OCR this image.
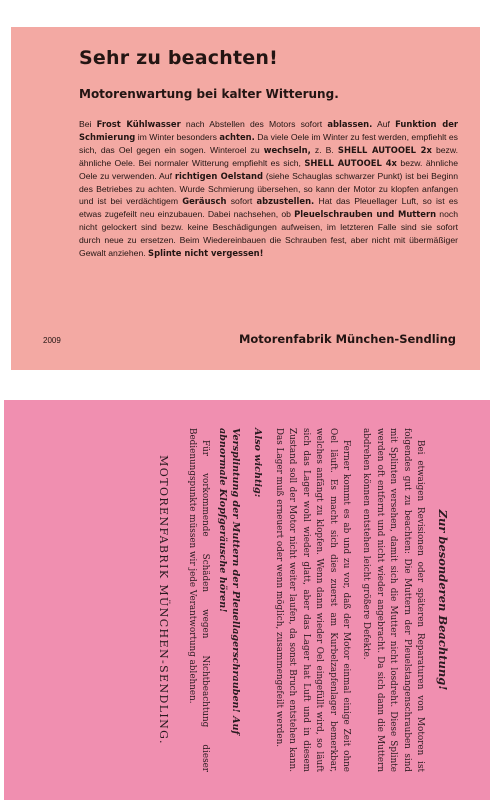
Sehr zu beachten!
Motorenwartung bei kalter Witterung.
Bei Frost Kühlwasser nach Abstellen des Motors sofort ablassen. Auf Funktion der Schmierung im Winter besonders achten. Da viele Oele im Winter zu fest werden, empfiehlt es sich, das Oel gegen ein sogen. Winteroel zu wechseln, z. B. SHELL AUTOOEL 2x bezw. ähnliche Oele. Bei normaler Witterung empfiehlt es sich, SHELL AUTOOEL 4x bezw. ähnliche Oele zu verwenden. Auf richtigen Oelstand (siehe Schauglas schwarzer Punkt) ist bei Beginn des Betriebes zu achten. Wurde Schmierung übersehen, so kann der Motor zu klopfen anfangen und ist bei verdächtigem Geräusch sofort abzustellen. Hat das Pleuellager Luft, so ist es etwas zugefeilt neu einzubauen. Dabei nachsehen, ob Pleuelschrauben und Muttern noch nicht gelockert sind bezw. keine Beschädigungen aufweisen, im letzteren Falle sind sie sofort durch neue zu ersetzen. Beim Wiedereinbauen die Schrauben fest, aber nicht mit übermäßiger Gewalt anziehen. Splinte nicht vergessen!
2009	Motorenfabrik München-Sendling
Zur besonderen Beachtung!

Bei etwaigen Revisionen oder späteren Reparaturen von Motoren ist folgendes gut zu beachten: Die Muttern der Pleuelstangenschrauben sind mit Splinten versehen, damit sich die Mutter nicht losdreht. Diese Splinte werden oft entfernt und nicht wieder angebracht. Da sich dann die Muttern abdrehen können entstehen leicht größere Defekte.

Ferner kommt es ab und zu vor, daß der Motor einmal einige Zeit ohne Oel läuft. Es macht sich dies zuerst am Kurbelzapfenlager bemerkbar, welches anfängt zu klopfen. Wenn dann wieder Oel eingefüllt wird, so läuft sich das Lager wohl wieder glatt, aber das Lager hat Luft und in diesem Zustand soll der Motor nicht weiter laufen, da sonst Bruch entstehen kann. Das Lager muß erneuert oder wenn möglich, zusammengefeilt werden.

Also wichtig:
Versplintung der Muttern der Pleuellagerschrauben! Auf abnormale Klopfgeräusche hören!

Für vorkommende Schäden wegen Nichtbeachtung dieser Bedienungspunkte müssen wir jede Verantwortung ablehnen.

MOTORENFABRIK MÜNCHEN-SENDLING.
